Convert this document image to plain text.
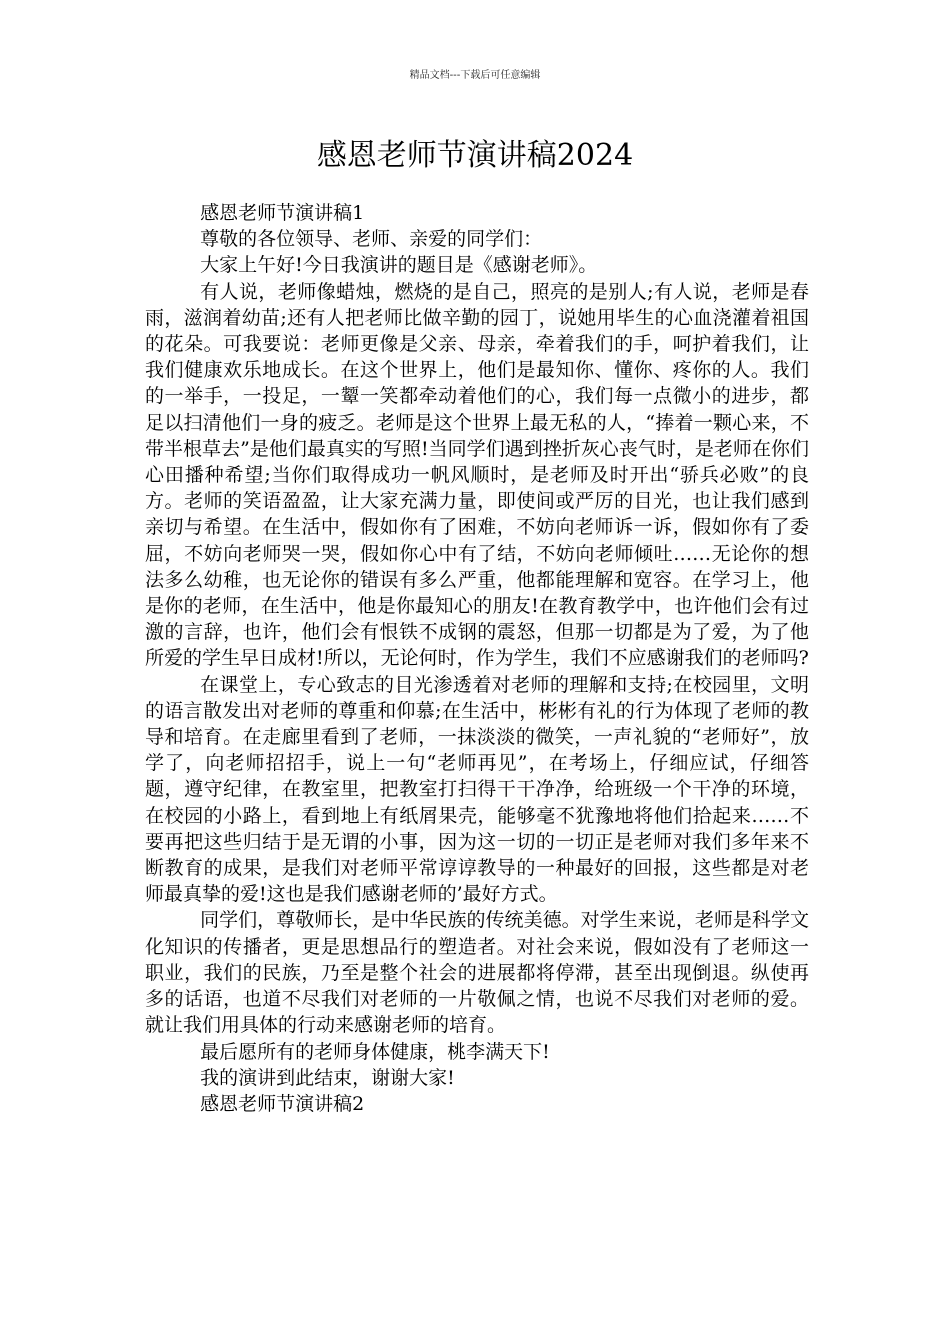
精品文档---下载后可任意编辑
感恩老师节演讲稿2024

感恩老师节演讲稿1

尊敬的各位领导、老师、亲爱的同学们：

大家上午好!今日我演讲的题目是《感谢老师》。

有人说，老师像蜡烛，燃烧的是自己，照亮的是别人;有人说，老师是春雨，滋润着幼苗;还有人把老师比做辛勤的园丁，说她用毕生的心血浇灌着祖国的花朵。可我要说：老师更像是父亲、母亲，牵着我们的手，呵护着我们，让我们健康欢乐地成长。在这个世界上，他们是最知你、懂你、疼你的人。我们的一举手，一投足，一颦一笑都牵动着他们的心，我们每一点微小的进步，都足以扫清他们一身的疲乏。老师是这个世界上最无私的人，“捧着一颗心来，不带半根草去”是他们最真实的写照!当同学们遇到挫折灰心丧气时，是老师在你们心田播种希望;当你们取得成功一帆风顺时，是老师及时开出“骄兵必败”的良方。老师的笑语盈盈，让大家充满力量，即使间或严厉的目光，也让我们感到亲切与希望。在生活中，假如你有了困难，不妨向老师诉一诉，假如你有了委屈，不妨向老师哭一哭，假如你心中有了结，不妨向老师倾吐……无论你的想法多么幼稚，也无论你的错误有多么严重，他都能理解和宽容。在学习上，他是你的老师，在生活中，他是你最知心的朋友!在教育教学中，也许他们会有过激的言辞，也许，他们会有恨铁不成钢的震怒，但那一切都是为了爱，为了他所爱的学生早日成材!所以，无论何时，作为学生，我们不应感谢我们的老师吗?

在课堂上，专心致志的目光渗透着对老师的理解和支持;在校园里，文明的语言散发出对老师的尊重和仰慕;在生活中，彬彬有礼的行为体现了老师的教导和培育。在走廊里看到了老师，一抹淡淡的微笑，一声礼貌的“老师好”，放学了，向老师招招手，说上一句“老师再见”，在考场上，仔细应试，仔细答题，遵守纪律，在教室里，把教室打扫得干干净净，给班级一个干净的环境，在校园的小路上，看到地上有纸屑果壳，能够毫不犹豫地将他们拾起来……不要再把这些归结于是无谓的小事，因为这一切的一切正是老师对我们多年来不断教育的成果，是我们对老师平常谆谆教导的一种最好的回报，这些都是对老师最真挚的爱!这也是我们感谢老师的’最好方式。

同学们，尊敬师长，是中华民族的传统美德。对学生来说，老师是科学文化知识的传播者，更是思想品行的塑造者。对社会来说，假如没有了老师这一职业，我们的民族，乃至是整个社会的进展都将停滞，甚至出现倒退。纵使再多的话语，也道不尽我们对老师的一片敬佩之情，也说不尽我们对老师的爱。就让我们用具体的行动来感谢老师的培育。

最后愿所有的老师身体健康，桃李满天下!

我的演讲到此结束，谢谢大家!

感恩老师节演讲稿2
